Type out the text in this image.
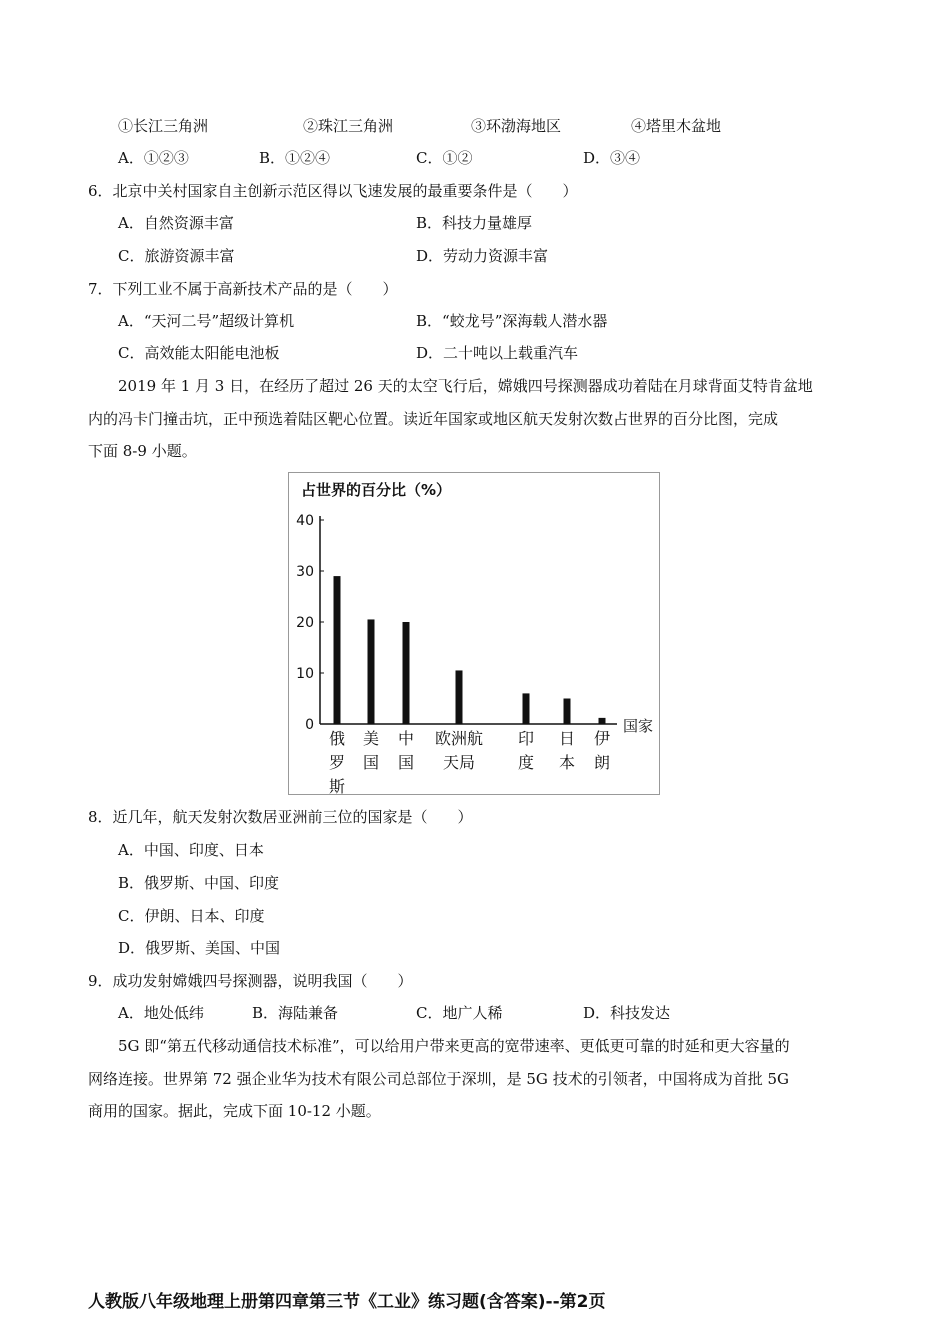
①长江三角洲	②珠江三角洲	③环渤海地区	④塔里木盆地
A．①②③	B．①②④	C．①②	D．③④
6．北京中关村国家自主创新示范区得以飞速发展的最重要条件是（　　）
A．自然资源丰富	B．科技力量雄厚
C．旅游资源丰富	D．劳动力资源丰富
7．下列工业不属于高新技术产品的是（　　）
A．“天河二号”超级计算机	B．“蛟龙号”深海载人潜水器
C．高效能太阳能电池板	D．二十吨以上载重汽车
2019 年 1 月 3 日，在经历了超过 26 天的太空飞行后，嫦娥四号探测器成功着陆在月球背面艾特肯盆地
内的冯卡门撞击坑，正中预选着陆区靶心位置。读近年国家或地区航天发射次数占世界的百分比图，完成
下面 8-9 小题。
占世界的百分比（%）
0
10
20
30
40
俄
罗
斯
美
国
中
国
欧洲航
天局
印
度
日
本
伊
朗
国家
8．近几年，航天发射次数居亚洲前三位的国家是（　　）
A．中国、印度、日本
B．俄罗斯、中国、印度
C．伊朗、日本、印度
D．俄罗斯、美国、中国
9．成功发射嫦娥四号探测器，说明我国（　　）
A．地处低纬	B．海陆兼备	C．地广人稀	D．科技发达
5G 即“第五代移动通信技术标准”，可以给用户带来更高的宽带速率、更低更可靠的时延和更大容量的
网络连接。世界第 72 强企业华为技术有限公司总部位于深圳，是 5G 技术的引领者，中国将成为首批 5G
商用的国家。据此，完成下面 10-12 小题。
人教版八年级地理上册第四章第三节《工业》练习题(含答案)--第2页
